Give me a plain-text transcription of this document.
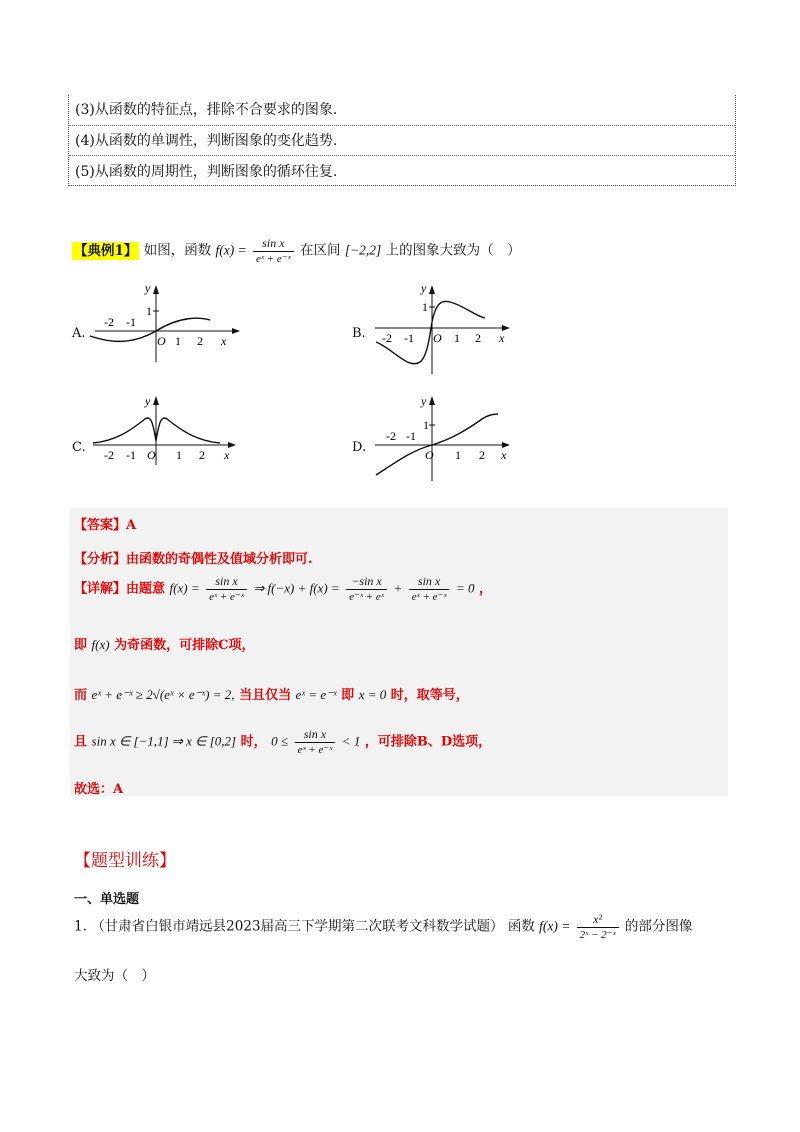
(3)从函数的特征点，排除不合要求的图象.
(4)从函数的单调性，判断图象的变化趋势.
(5)从函数的周期性，判断图象的循环往复.
【典例1】 如图，函数 $f(x) = \frac{\text{sin x}}{\text{eˣ + e⁻ˣ}}$ 在区间 [−2,2] 上的图象大致为（　）
A.
y
1
-2 -1
O 1 2 x	B.
y
1
-2 -1 O 1 2 x
C.
y
-2 -1 O 1 2 x	D.
y
1
-2 -1
O 1 2 x
【答案】A
【分析】由函数的奇偶性及值域分析即可.
【详解】由题意 $f(x) = \frac{\text{sin x}}{\text{eˣ + e⁻ˣ}}$ ⇒ $f(-x) + f(x) = \frac{\text{−sin x}}{\text{e⁻ˣ + eˣ}} + \frac{\text{sin x}}{\text{eˣ + e⁻ˣ}} = 0$ ，
即 f(x) 为奇函数，可排除C项，
而 eˣ + e⁻ˣ ≥ 2√(eˣ × e⁻ˣ) = 2, 当且仅当 eˣ = e⁻ˣ 即 x = 0 时，取等号，
且 sin x ∈ [−1,1] ⇒ x ∈ [0,2] 时， $0 \le \frac{\text{sin x}}{\text{eˣ + e⁻ˣ}} < 1$ ，可排除B、D选项，
故选：A
【题型训练】
一、单选题
1. （甘肃省白银市靖远县2023届高三下学期第二次联考文科数学试题） 函数 $f(x) = \frac{\text{x²}}{\text{2ˣ − 2⁻ˣ}}$ 的部分图像
大致为（　）
